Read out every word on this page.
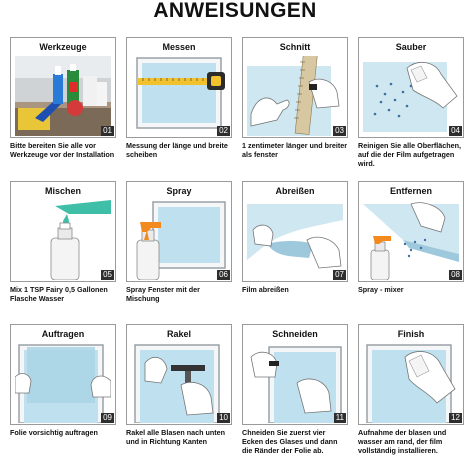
ANWEISUNGEN
Werkzeuge
01
Bitte bereiten Sie alle vor Werkzeuge vor der Installation
Messen
02
Messung der länge und breite scheiben
Schnitt
03
1 zentimeter länger und breiter als fenster
Sauber
04
Reinigen Sie alle Oberflächen, auf die der Film aufgetragen wird.
Mischen
05
Mix 1 TSP Fairy 0,5 Gallonen Flasche Wasser
Spray
06
Spray Fenster mit der Mischung
Abreißen
07
Film abreißen
Entfernen
08
Spray - mixer
Auftragen
09
Folie vorsichtig auftragen
Rakel
10
Rakel alle Blasen nach unten und in Richtung Kanten
Schneiden
11
Chneiden Sie zuerst vier Ecken des Glases und dann die Ränder der Folie ab.
Finish
12
Aufnahme der blasen und wasser am rand, der film vollständig installieren.
